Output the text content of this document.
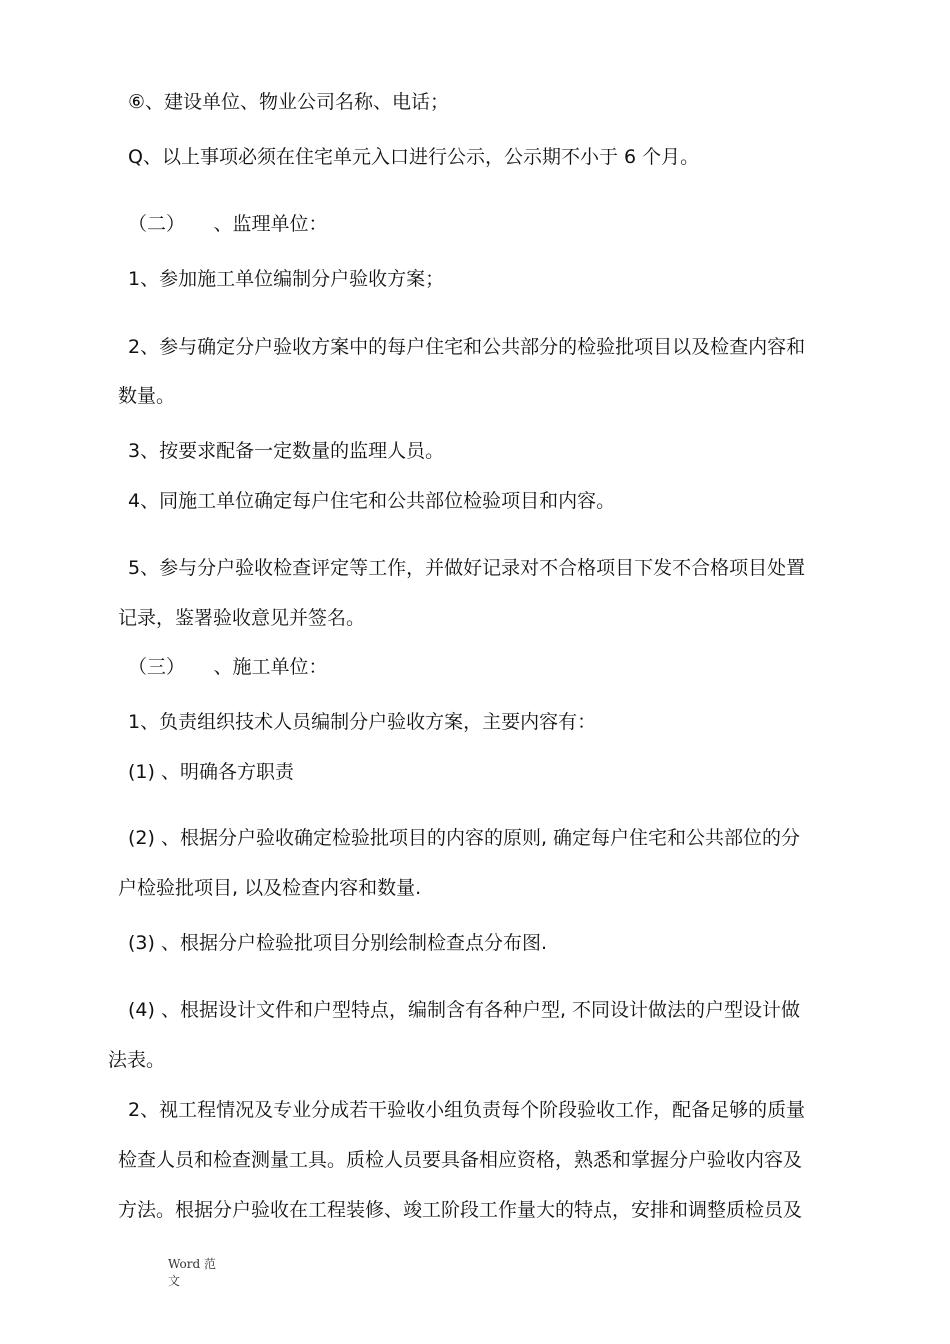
⑥、建设单位、物业公司名称、电话；
Q、以上事项必须在住宅单元入口进行公示，公示期不小于 6 个月。
（二）　　、监理单位：
1、参加施工单位编制分户验收方案；
2、参与确定分户验收方案中的每户住宅和公共部分的检验批项目以及检查内容和
数量。
3、按要求配备一定数量的监理人员。
4、同施工单位确定每户住宅和公共部位检验项目和内容。
5、参与分户验收检查评定等工作，并做好记录对不合格项目下发不合格项目处置
记录，鉴署验收意见并签名。
（三）　　、施工单位：
1、负责组织技术人员编制分户验收方案，主要内容有：
(1) 、明确各方职责
(2) 、根据分户验收确定检验批项目的内容的原则, 确定每户住宅和公共部位的分
户检验批项目, 以及检查内容和数量.
(3) 、根据分户检验批项目分别绘制检查点分布图.
(4) 、根据设计文件和户型特点，编制含有各种户型, 不同设计做法的户型设计做
法表。
2、视工程情况及专业分成若干验收小组负责每个阶段验收工作，配备足够的质量
检查人员和检查测量工具。质检人员要具备相应资格，熟悉和掌握分户验收内容及
方法。根据分户验收在工程装修、竣工阶段工作量大的特点，安排和调整质检员及
Word 范
文
